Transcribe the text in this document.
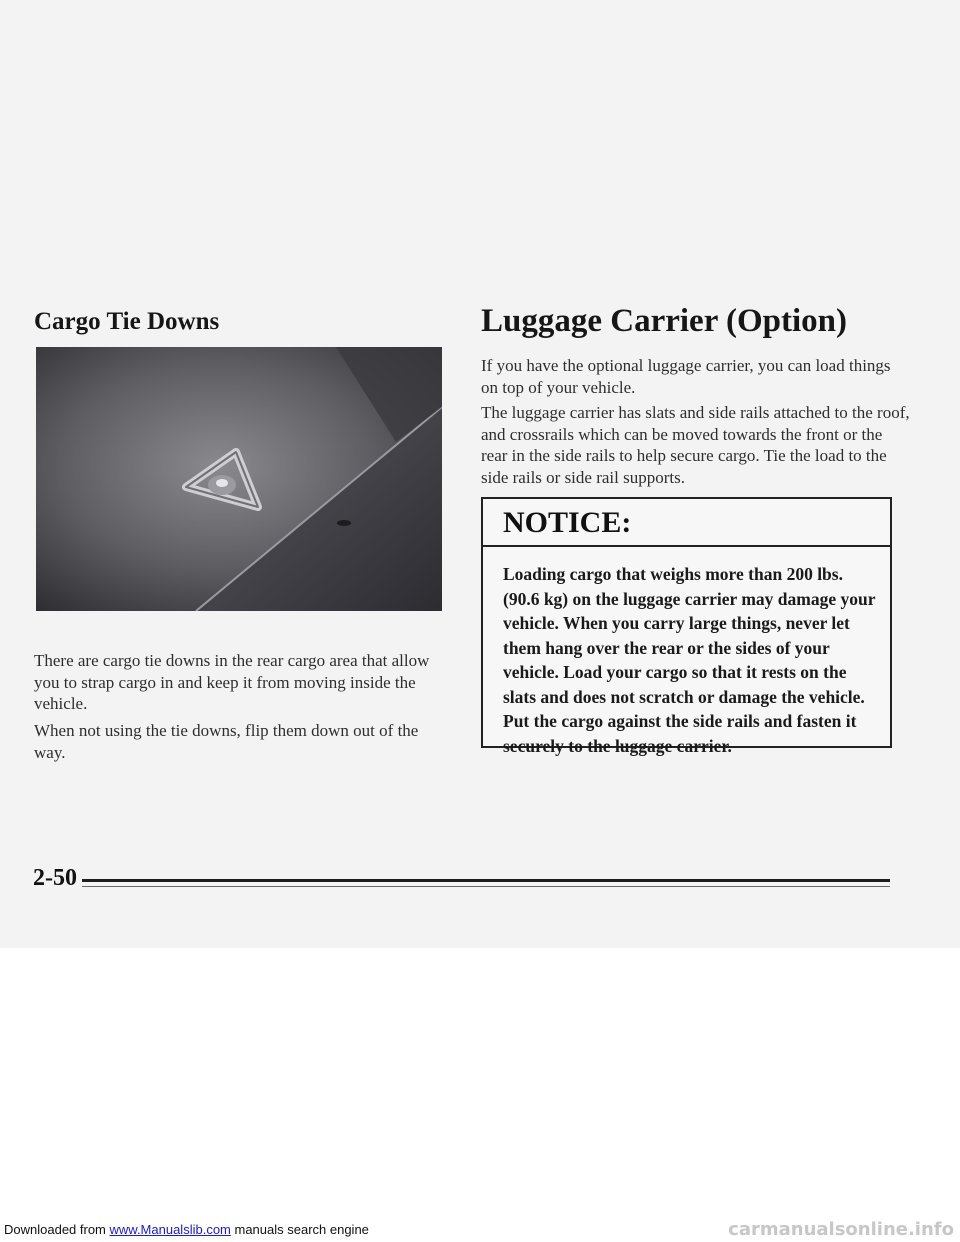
Cargo Tie Downs

There are cargo tie downs in the rear cargo area that allow you to strap cargo in and keep it from moving inside the vehicle.

When not using the tie downs, flip them down out of the way.

Luggage Carrier (Option)

If you have the optional luggage carrier, you can load things on top of your vehicle.

The luggage carrier has slats and side rails attached to the roof, and crossrails which can be moved towards the front or the rear in the side rails to help secure cargo. Tie the load to the side rails or side rail supports.

NOTICE:

Loading cargo that weighs more than 200 lbs. (90.6 kg) on the luggage carrier may damage your vehicle. When you carry large things, never let them hang over the rear or the sides of your vehicle. Load your cargo so that it rests on the slats and does not scratch or damage the vehicle. Put the cargo against the side rails and fasten it securely to the luggage carrier.

2-50
Downloaded from www.Manualslib.com manuals search engine	carmanualsonline.info
